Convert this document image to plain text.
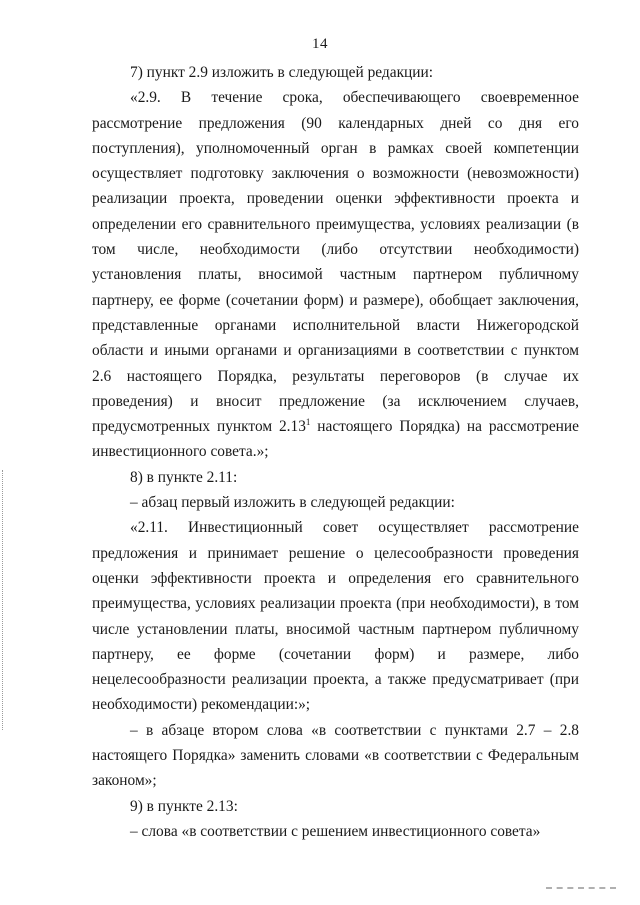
14

7) пункт 2.9 изложить в следующей редакции:

«2.9. В течение срока, обеспечивающего своевременное рассмотрение предложения (90 календарных дней со дня его поступления), уполномоченный орган в рамках своей компетенции осуществляет подготовку заключения о возможности (невозможности) реализации проекта, проведении оценки эффективности проекта и определении его сравнительного преимущества, условиях реализации (в том числе, необходимости (либо отсутствии необходимости) установления платы, вносимой частным партнером публичному партнеру, ее форме (сочетании форм) и размере), обобщает заключения, представленные органами исполнительной власти Нижегородской области и иными органами и организациями в соответствии с пунктом 2.6 настоящего Порядка, результаты переговоров (в случае их проведения) и вносит предложение (за исключением случаев, предусмотренных пунктом 2.13$^1$ настоящего Порядка) на рассмотрение инвестиционного совета.»;

8) в пункте 2.11:

– абзац первый изложить в следующей редакции:

«2.11. Инвестиционный совет осуществляет рассмотрение предложения и принимает решение о целесообразности проведения оценки эффективности проекта и определения его сравнительного преимущества, условиях реализации проекта (при необходимости), в том числе установлении платы, вносимой частным партнером публичному партнеру, ее форме (сочетании форм) и размере, либо нецелесообразности реализации проекта, а также предусматривает (при необходимости) рекомендации:»;

– в абзаце втором слова «в соответствии с пунктами 2.7 – 2.8 настоящего Порядка» заменить словами «в соответствии с Федеральным законом»;

9) в пункте 2.13:

– слова «в соответствии с решением инвестиционного совета»
